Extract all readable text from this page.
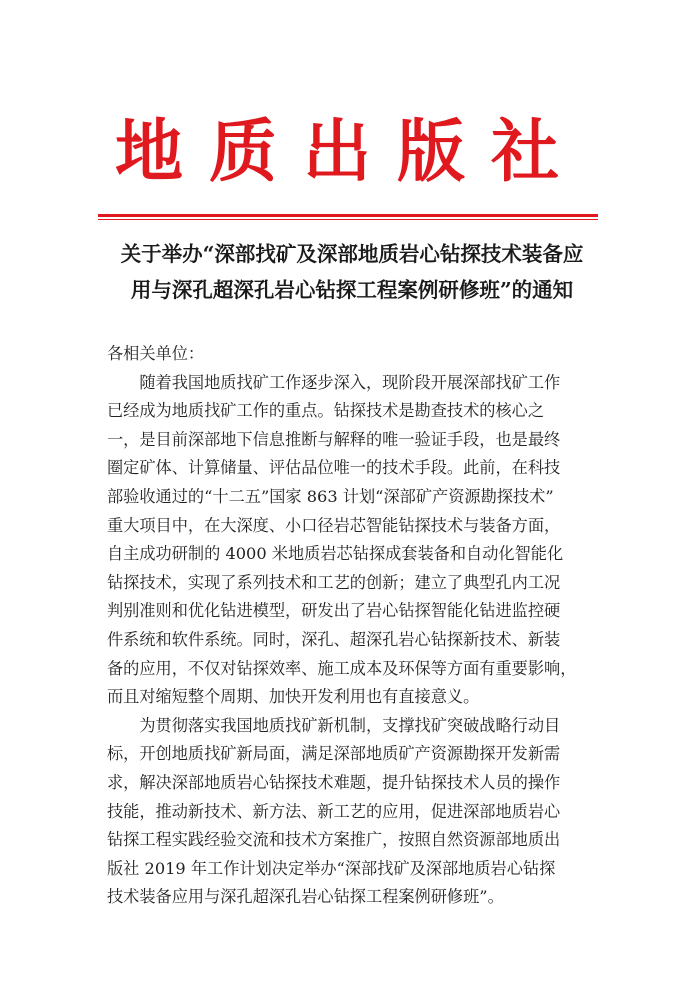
地质出版社
关于举办“深部找矿及深部地质岩心钻探技术装备应
用与深孔超深孔岩心钻探工程案例研修班”的通知

各相关单位：

　　随着我国地质找矿工作逐步深入，现阶段开展深部找矿工作
已经成为地质找矿工作的重点。钻探技术是勘查技术的核心之
一，是目前深部地下信息推断与解释的唯一验证手段，也是最终
圈定矿体、计算储量、评估品位唯一的技术手段。此前，在科技
部验收通过的“十二五”国家 863 计划“深部矿产资源勘探技术”
重大项目中，在大深度、小口径岩芯智能钻探技术与装备方面，
自主成功研制的 4000 米地质岩芯钻探成套装备和自动化智能化
钻探技术，实现了系列技术和工艺的创新；建立了典型孔内工况
判别准则和优化钻进模型，研发出了岩心钻探智能化钻进监控硬
件系统和软件系统。同时，深孔、超深孔岩心钻探新技术、新装
备的应用，不仅对钻探效率、施工成本及环保等方面有重要影响，
而且对缩短整个周期、加快开发利用也有直接意义。

　　为贯彻落实我国地质找矿新机制，支撑找矿突破战略行动目
标，开创地质找矿新局面，满足深部地质矿产资源勘探开发新需
求，解决深部地质岩心钻探技术难题，提升钻探技术人员的操作
技能，推动新技术、新方法、新工艺的应用，促进深部地质岩心
钻探工程实践经验交流和技术方案推广，按照自然资源部地质出
版社 2019 年工作计划决定举办“深部找矿及深部地质岩心钻探
技术装备应用与深孔超深孔岩心钻探工程案例研修班”。
